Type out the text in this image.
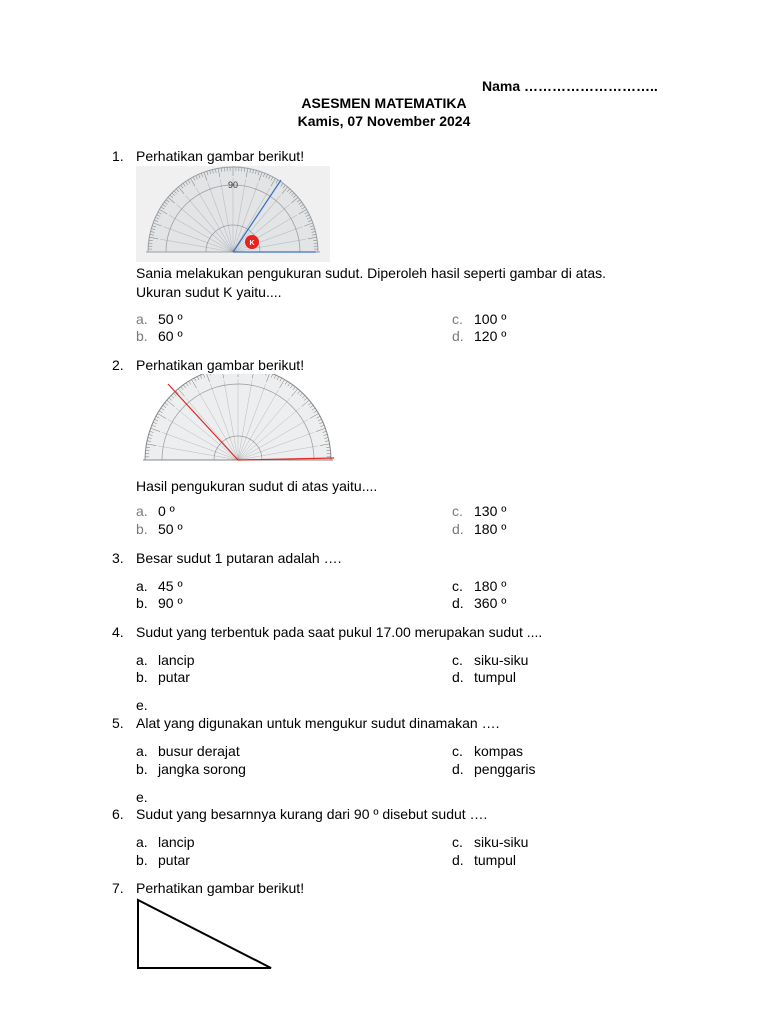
Nama ………………………..
ASESMEN MATEMATIKA
Kamis, 07 November 2024
1. Perhatikan gambar berikut!
90
K
Sania melakukan pengukuran sudut. Diperoleh hasil seperti gambar di atas.
Ukuran sudut K yaitu....
a. 50 º
b. 60 º
c. 100 º
d. 120 º
2. Perhatikan gambar berikut!
Hasil pengukuran sudut di atas yaitu....
a. 0 º
b. 50 º
c. 130 º
d. 180 º
3. Besar sudut 1 putaran adalah ….
a. 45 º
b. 90 º
c. 180 º
d. 360 º
4. Sudut yang terbentuk pada saat pukul 17.00 merupakan sudut ....
a. lancip
b. putar
c. siku-siku
d. tumpul
e.
5. Alat yang digunakan untuk mengukur sudut dinamakan ….
a. busur derajat
b. jangka sorong
c. kompas
d. penggaris
e.
6. Sudut yang besarnnya kurang dari 90 º disebut sudut ….
a. lancip
b. putar
c. siku-siku
d. tumpul
7. Perhatikan gambar berikut!
